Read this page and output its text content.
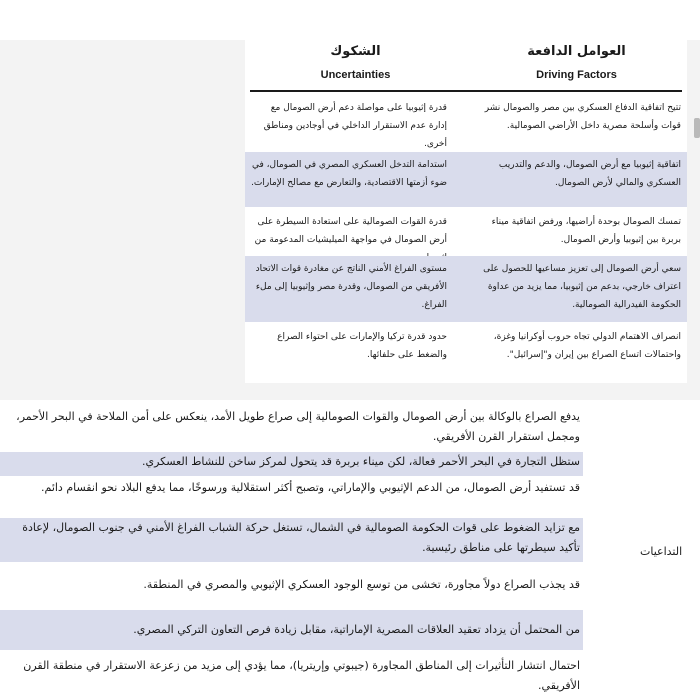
العوامل الدافعة
Driving Factors
الشكوك
Uncertainties
تتيح اتفاقية الدفاع العسكري بين مصر والصومال نشر قوات وأسلحة مصرية داخل الأراضي الصومالية.
قدرة إثيوبيا على مواصلة دعم أرض الصومال مع إدارة عدم الاستقرار الداخلي في أوجادين ومناطق أخرى.
اتفاقية إثيوبيا مع أرض الصومال، والدعم والتدريب العسكري والمالي لأرض الصومال.
استدامة التدخل العسكري المصري في الصومال، في ضوء أزمتها الاقتصادية، والتعارض مع مصالح الإمارات.
تمسك الصومال بوحدة أراضيها، ورفض اتفاقية ميناء بربرة بين إثيوبيا وأرض الصومال.
قدرة القوات الصومالية على استعادة السيطرة على أرض الصومال في مواجهة الميليشيات المدعومة من
سعي أرض الصومال إلى تعزيز مساعيها للحصول على اعتراف خارجي، بدعم من إثيوبيا، مما يزيد من عداوة الحكومة الفيدرالية الصومالية.
مستوى الفراغ الأمني الناتج عن مغادرة قوات الاتحاد الأفريقي من الصومال، وقدرة مصر وإثيوبيا إلى ملء الفراغ.
انصراف الاهتمام الدولي تجاه حروب أوكرانيا وغزة، واحتمالات اتساع الصراع بين إيران و"إسرائيل".
حدود قدرة تركيا والإمارات على احتواء الصراع والضغط على حلفائها.
يدفع الصراع بالوكالة بين أرض الصومال والقوات الصومالية إلى صراع طويل الأمد، ينعكس على أمن الملاحة في البحر الأحمر، ومجمل استقرار القرن الأفريقي.
ستظل التجارة في البحر الأحمر فعالة، لكن ميناء بربرة قد يتحول لمركز ساخن للنشاط العسكري.
قد تستفيد أرض الصومال، من الدعم الإثيوبي والإماراتي، وتصبح أكثر استقلالية ورسوخًا، مما يدفع البلاد نحو انقسام دائم.
مع تزايد الضغوط على قوات الحكومة الصومالية في الشمال، تستغل حركة الشباب الفراغ الأمني في جنوب الصومال، لإعادة تأكيد سيطرتها على مناطق رئيسية.
قد يجذب الصراع دولاً مجاورة، تخشى من توسع الوجود العسكري الإثيوبي والمصري في المنطقة.
من المحتمل أن يزداد تعقيد العلاقات المصرية الإماراتية، مقابل زيادة فرص التعاون التركي المصري.
احتمال انتشار التأثيرات إلى المناطق المجاورة (جيبوتي وإريتريا)، مما يؤدي إلى مزيد من زعزعة الاستقرار في منطقة القرن الأفريقي.
التداعيات
